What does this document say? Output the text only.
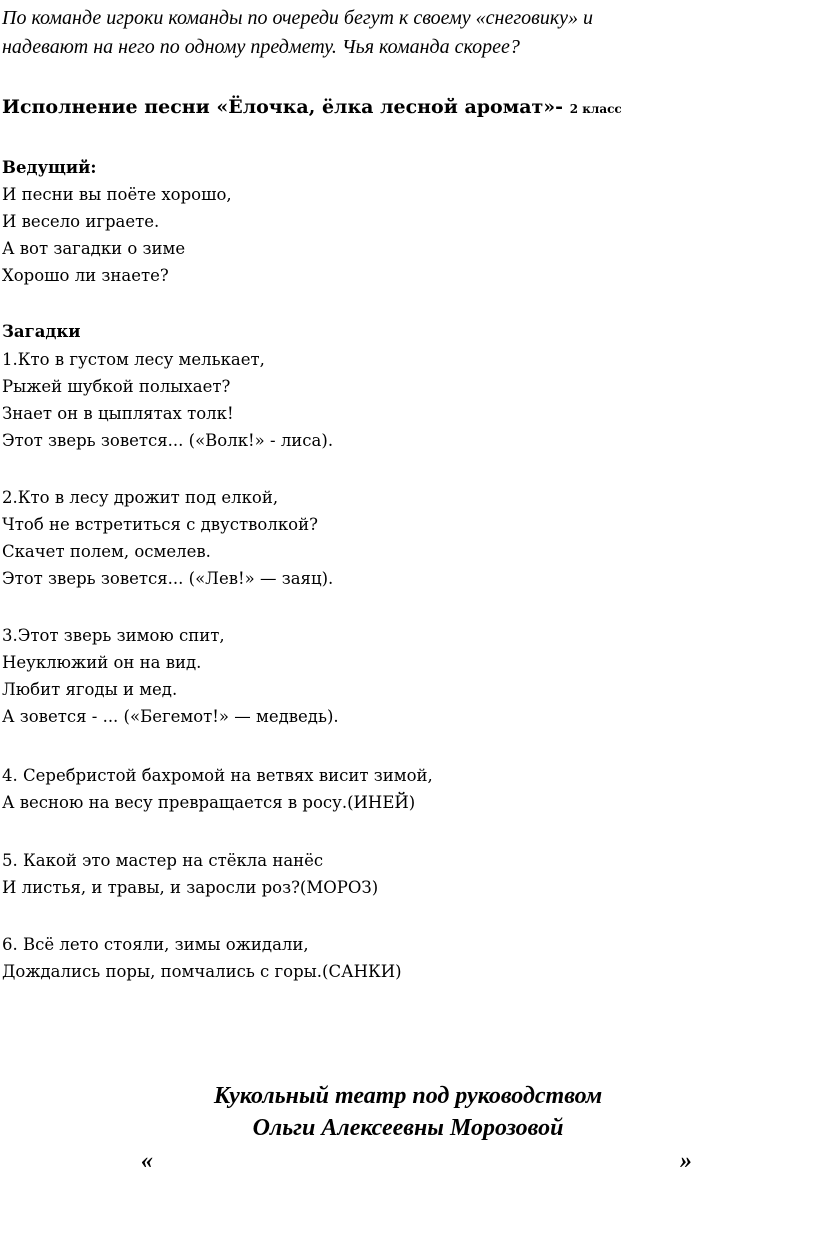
По команде игроки команды по очереди бегут к своему «снеговику» и
надевают на него по одному предмету. Чья команда скорее?
Исполнение песни «Ёлочка, ёлка лесной аромат»- 2 класс
Ведущий:
И песни вы поёте хорошо,
И весело играете.
А вот загадки о зиме
Хорошо ли знаете?
Загадки
1.Кто в густом лесу мелькает,
Рыжей шубкой полыхает?
Знает он в цыплятах толк!
Этот зверь зовется... («Волк!» - лиса).
2.Кто в лесу дрожит под елкой,
Чтоб не встретиться с двустволкой?
Скачет полем, осмелев.
Этот зверь зовется... («Лев!» — заяц).
3.Этот зверь зимою спит,
Неуклюжий он на вид.
Любит ягоды и мед.
А зовется - ... («Бегемот!» — медведь).
4. Серебристой бахромой на ветвях висит зимой,
А весною на весу превращается в росу.(ИНЕЙ)
5. Какой это мастер на стёкла нанёс
И листья, и травы, и заросли роз?(МОРОЗ)
6. Всё лето стояли, зимы ожидали,
Дождались поры, помчались с горы.(САНКИ)
Кукольный театр под руководством
Ольги Алексеевны Морозовой
«	»
